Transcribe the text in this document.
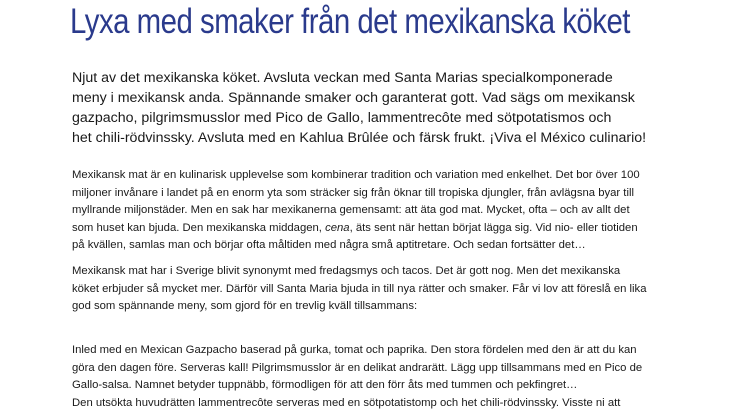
Lyxa med smaker från det mexikanska köket

Njut av det mexikanska köket. Avsluta veckan med Santa Marias specialkomponerade
meny i mexikansk anda. Spännande smaker och garanterat gott. Vad sägs om mexikansk
gazpacho, pilgrimsmusslor med Pico de Gallo, lammentrecôte med sötpotatismos och
het chili-rödvinssky. Avsluta med en Kahlua Brûlée och färsk frukt. ¡Viva el México culinario!

Mexikansk mat är en kulinarisk upplevelse som kombinerar tradition och variation med enkelhet. Det bor över 100
miljoner invånare i landet på en enorm yta som sträcker sig från öknar till tropiska djungler, från avlägsna byar till
myllrande miljonstäder. Men en sak har mexikanerna gemensamt: att äta god mat. Mycket, ofta – och av allt det
som huset kan bjuda. Den mexikanska middagen, cena, äts sent när hettan börjat lägga sig. Vid nio- eller tiotiden
på kvällen, samlas man och börjar ofta måltiden med några små aptitretare. Och sedan fortsätter det…

Mexikansk mat har i Sverige blivit synonymt med fredagsmys och tacos. Det är gott nog. Men det mexikanska
köket erbjuder så mycket mer. Därför vill Santa Maria bjuda in till nya rätter och smaker. Får vi lov att föreslå en lika
god som spännande meny, som gjord för en trevlig kväll tillsammans:

Inled med en Mexican Gazpacho baserad på gurka, tomat och paprika. Den stora fördelen med den är att du kan
göra den dagen före. Serveras kall! Pilgrimsmusslor är en delikat andrarätt. Lägg upp tillsammans med en Pico de
Gallo-salsa. Namnet betyder tuppnäbb, förmodligen för att den förr åts med tummen och pekfingret…
Den utsökta huvudrätten lammentrecôte serveras med en sötpotatistomp och het chili-rödvinssky. Visste ni att
